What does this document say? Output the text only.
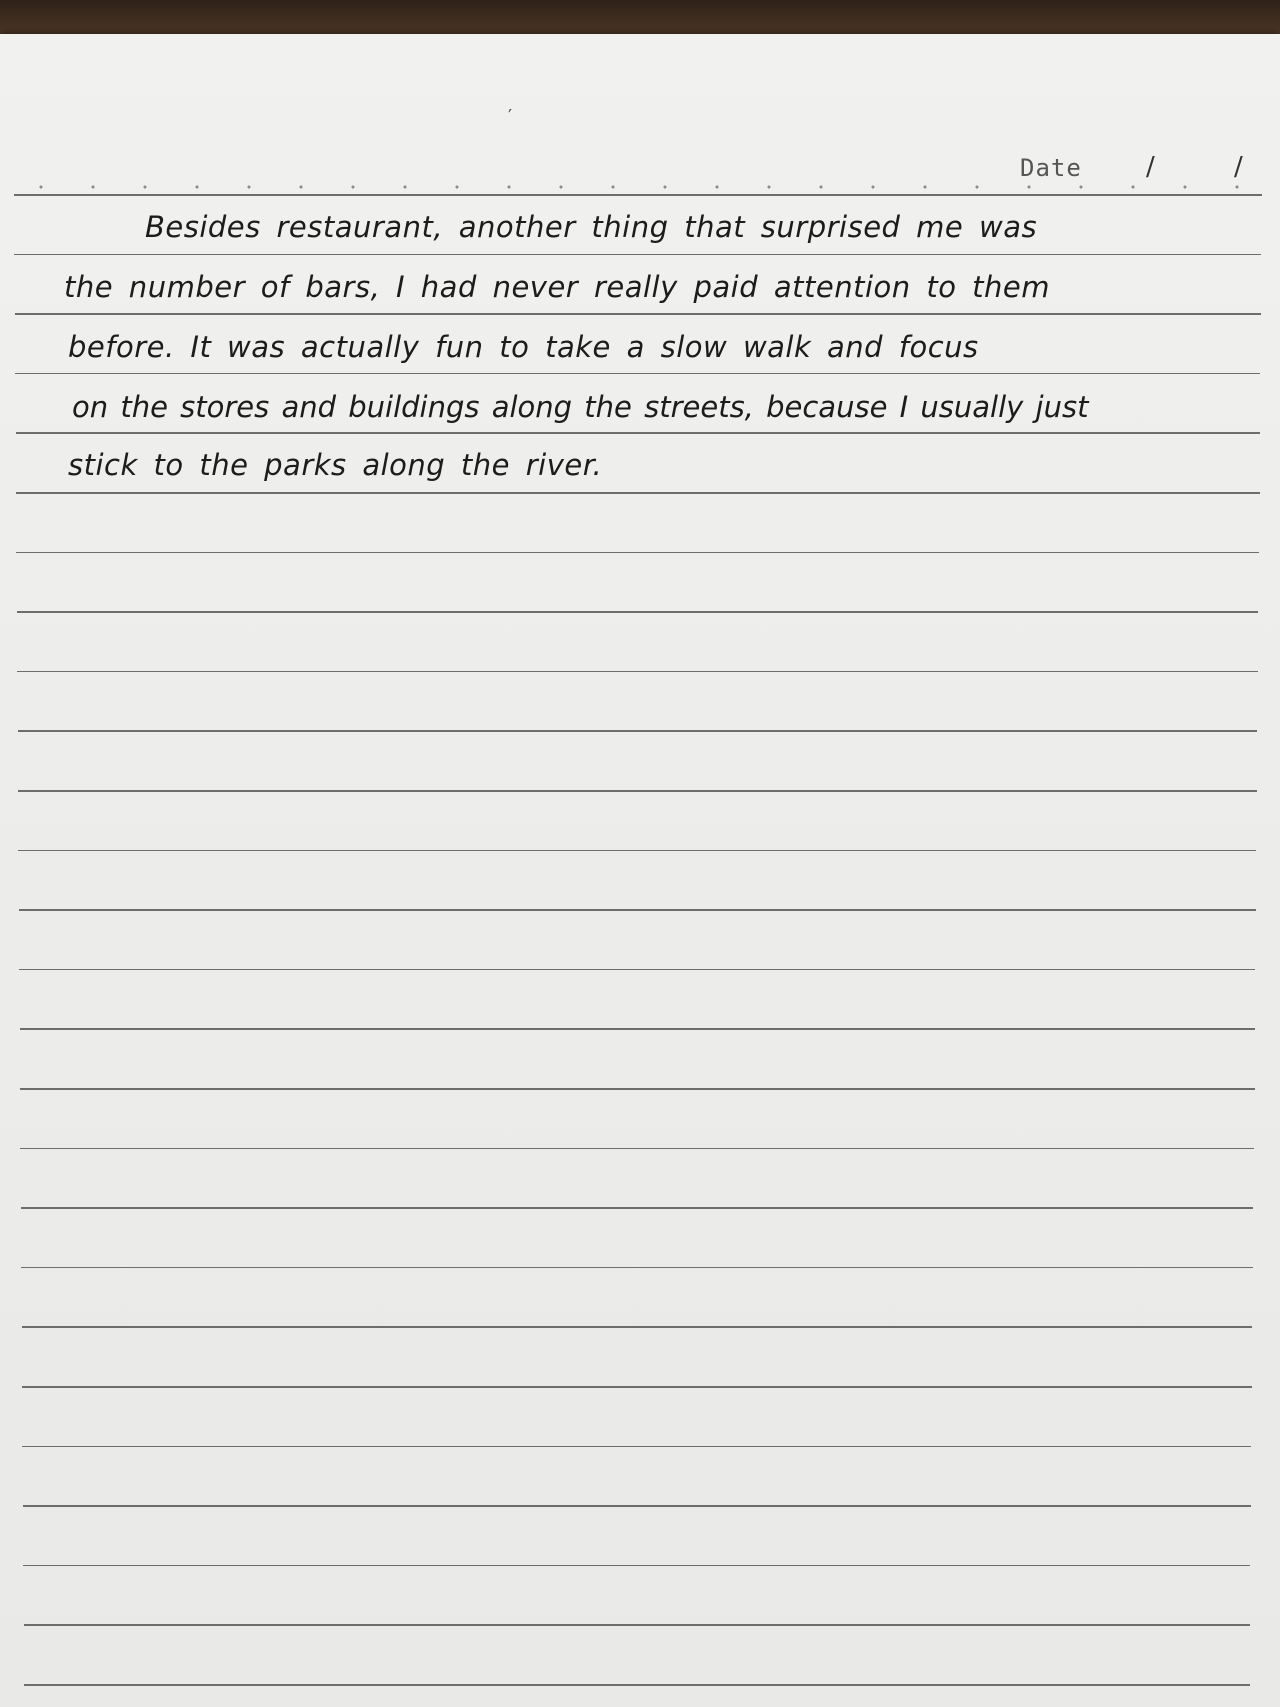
Date /	/
Besides restaurant, another thing that surprised me was
the number of bars, I had never really paid attention to them
before. It was actually fun to take a slow walk and focus
on the stores and buildings along the streets, because I usually just
stick to the parks along the river.
′
